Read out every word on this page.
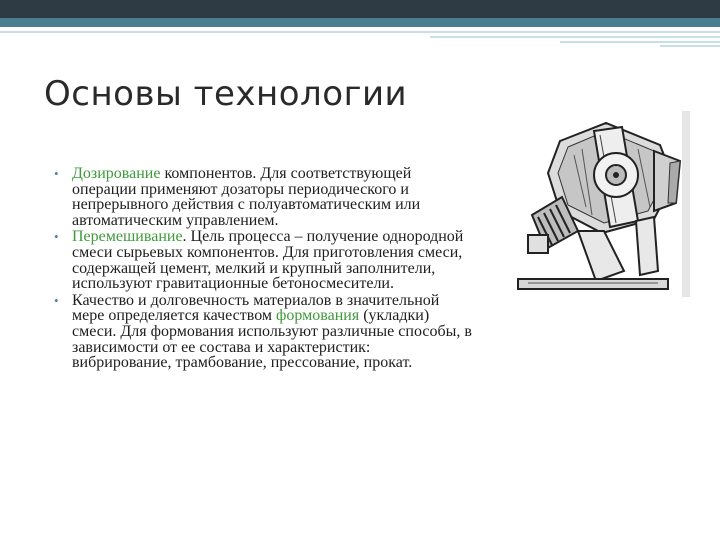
Основы технологии
• Дозирование компонентов. Для соответствующей операции применяют дозаторы периодического и непрерывного действия с полуавтоматическим или автоматическим управлением.
• Перемешивание. Цель процесса – получение однородной смеси сырьевых компонентов. Для приготовления смеси, содержащей цемент, мелкий и крупный заполнители, используют гравитационные бетоносмесители.
• Качество и долговечность материалов в значительной мере определяется качеством формования (укладки) смеси. Для формования используют различные способы, в зависимости от ее состава и характеристик: вибрирование, трамбование, прессование, прокат.
